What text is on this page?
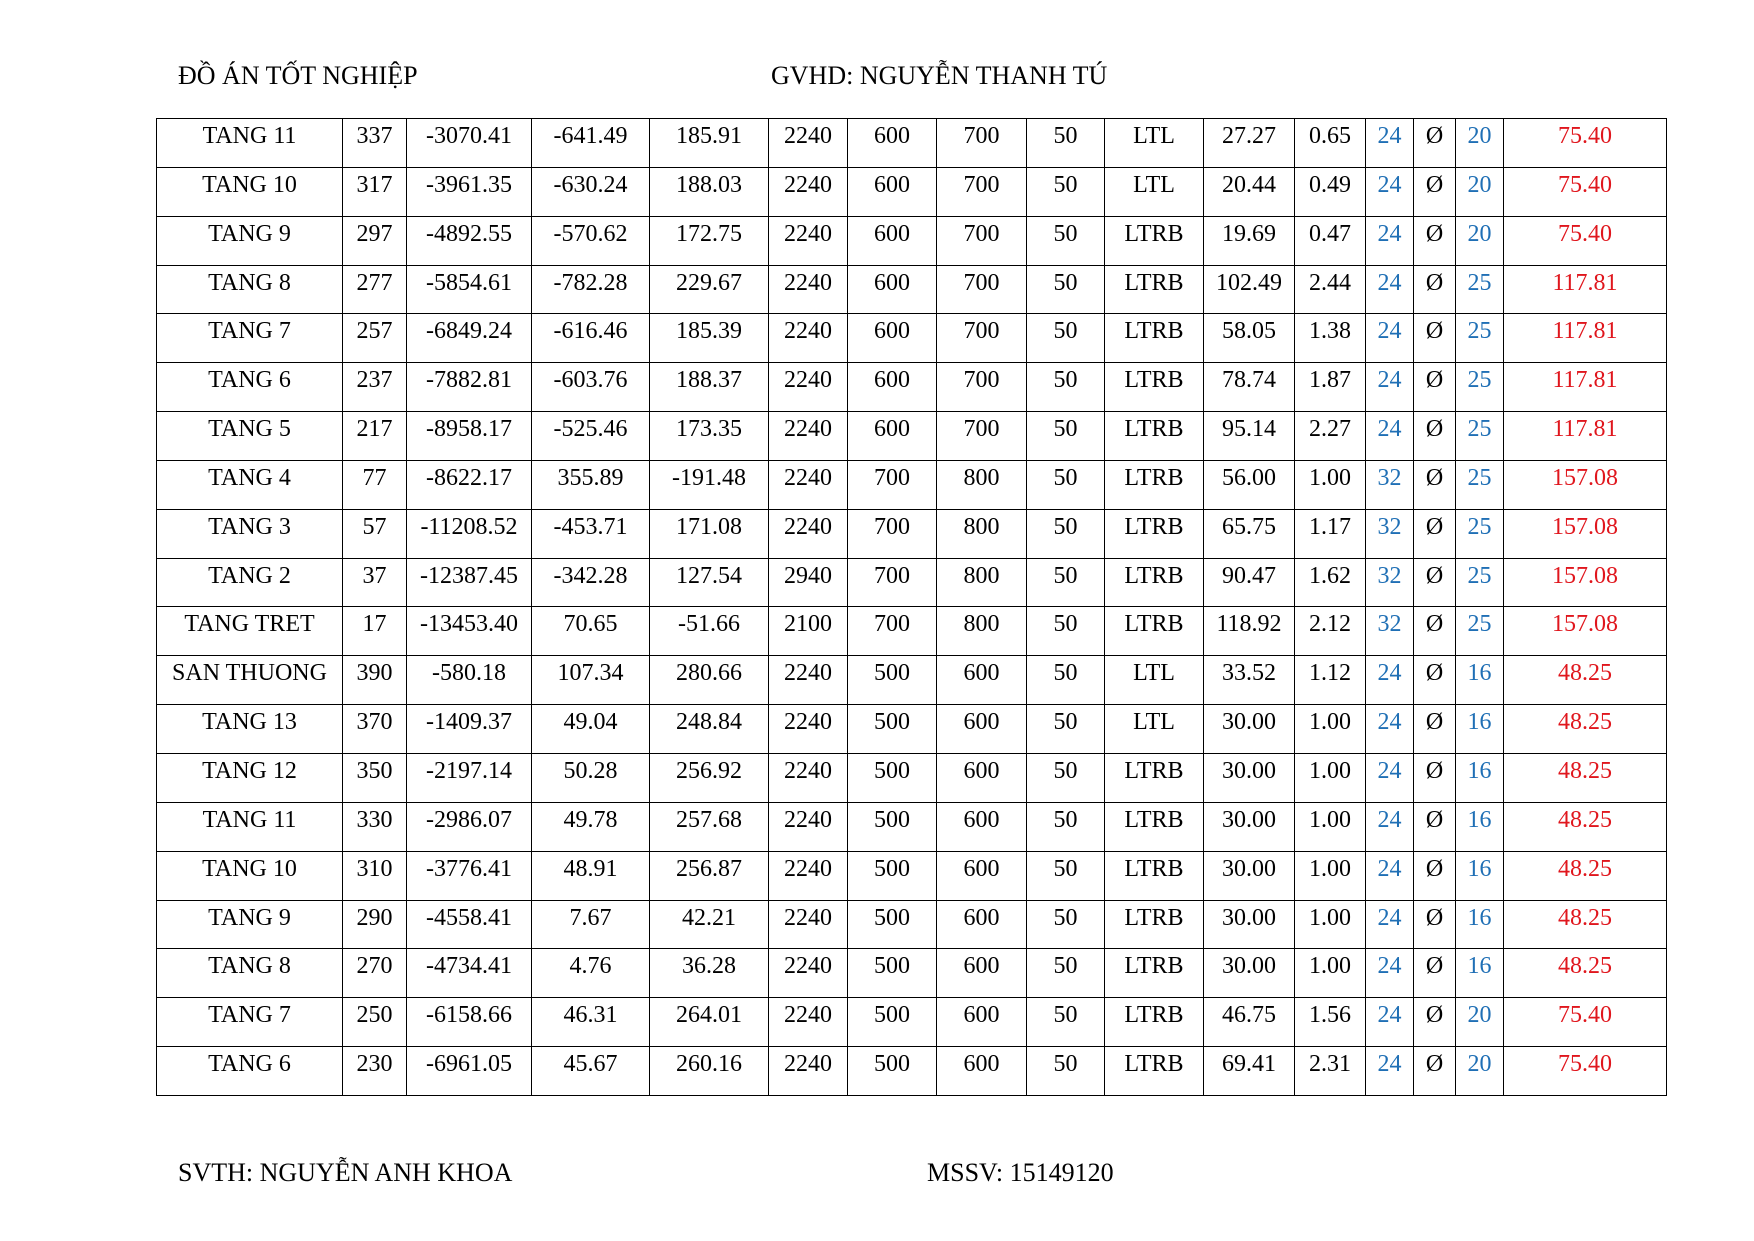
ĐỒ ÁN TỐT NGHIỆP	GVHD: NGUYỄN THANH TÚ
TANG 11	337	-3070.41	-641.49	185.91	2240	600	700	50	LTL	27.27	0.65	24	Ø	20	75.40
TANG 10	317	-3961.35	-630.24	188.03	2240	600	700	50	LTL	20.44	0.49	24	Ø	20	75.40
TANG 9	297	-4892.55	-570.62	172.75	2240	600	700	50	LTRB	19.69	0.47	24	Ø	20	75.40
TANG 8	277	-5854.61	-782.28	229.67	2240	600	700	50	LTRB	102.49	2.44	24	Ø	25	117.81
TANG 7	257	-6849.24	-616.46	185.39	2240	600	700	50	LTRB	58.05	1.38	24	Ø	25	117.81
TANG 6	237	-7882.81	-603.76	188.37	2240	600	700	50	LTRB	78.74	1.87	24	Ø	25	117.81
TANG 5	217	-8958.17	-525.46	173.35	2240	600	700	50	LTRB	95.14	2.27	24	Ø	25	117.81
TANG 4	77	-8622.17	355.89	-191.48	2240	700	800	50	LTRB	56.00	1.00	32	Ø	25	157.08
TANG 3	57	-11208.52	-453.71	171.08	2240	700	800	50	LTRB	65.75	1.17	32	Ø	25	157.08
TANG 2	37	-12387.45	-342.28	127.54	2940	700	800	50	LTRB	90.47	1.62	32	Ø	25	157.08
TANG TRET	17	-13453.40	70.65	-51.66	2100	700	800	50	LTRB	118.92	2.12	32	Ø	25	157.08
SAN THUONG	390	-580.18	107.34	280.66	2240	500	600	50	LTL	33.52	1.12	24	Ø	16	48.25
TANG 13	370	-1409.37	49.04	248.84	2240	500	600	50	LTL	30.00	1.00	24	Ø	16	48.25
TANG 12	350	-2197.14	50.28	256.92	2240	500	600	50	LTRB	30.00	1.00	24	Ø	16	48.25
TANG 11	330	-2986.07	49.78	257.68	2240	500	600	50	LTRB	30.00	1.00	24	Ø	16	48.25
TANG 10	310	-3776.41	48.91	256.87	2240	500	600	50	LTRB	30.00	1.00	24	Ø	16	48.25
TANG 9	290	-4558.41	7.67	42.21	2240	500	600	50	LTRB	30.00	1.00	24	Ø	16	48.25
TANG 8	270	-4734.41	4.76	36.28	2240	500	600	50	LTRB	30.00	1.00	24	Ø	16	48.25
TANG 7	250	-6158.66	46.31	264.01	2240	500	600	50	LTRB	46.75	1.56	24	Ø	20	75.40
TANG 6	230	-6961.05	45.67	260.16	2240	500	600	50	LTRB	69.41	2.31	24	Ø	20	75.40
SVTH: NGUYỄN ANH KHOA	MSSV: 15149120
